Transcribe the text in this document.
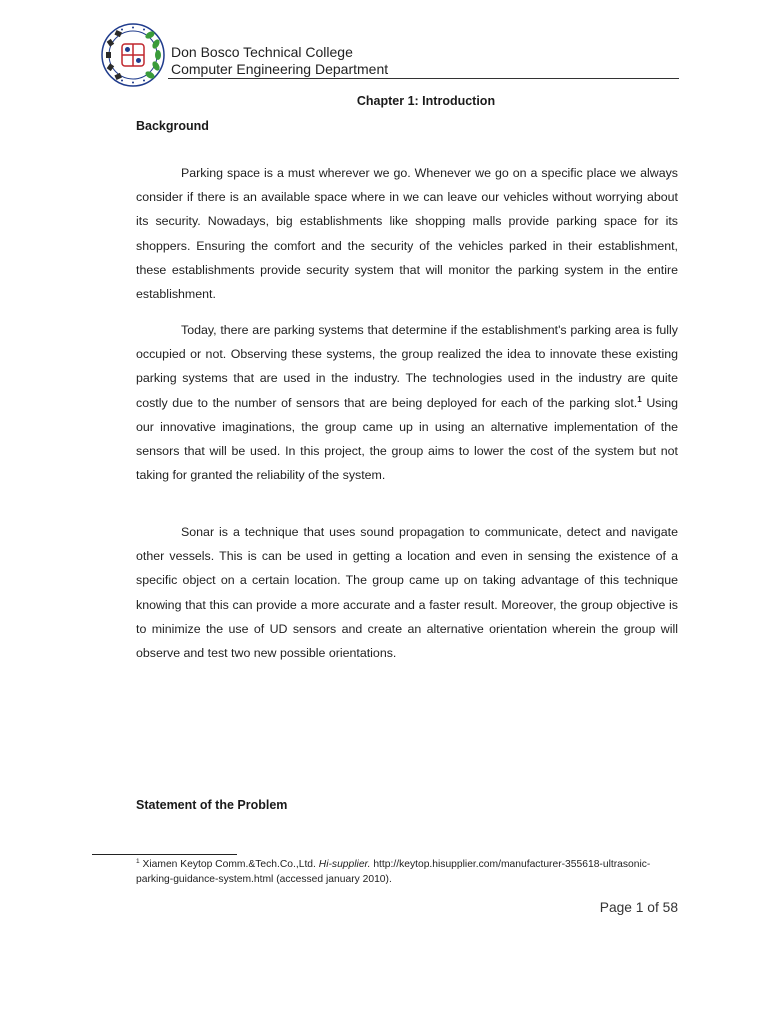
Don Bosco Technical College
Computer Engineering Department
Chapter 1: Introduction
Background

Parking space is a must wherever we go. Whenever we go on a specific place we always consider if there is an available space where in we can leave our vehicles without worrying about its security. Nowadays, big establishments like shopping malls provide parking space for its shoppers. Ensuring the comfort and the security of the vehicles parked in their establishment, these establishments provide security system that will monitor the parking system in the entire establishment.

Today, there are parking systems that determine if the establishment's parking area is fully occupied or not. Observing these systems, the group realized the idea to innovate these existing parking systems that are used in the industry. The technologies used in the industry are quite costly due to the number of sensors that are being deployed for each of the parking slot.$^1$ Using our innovative imaginations, the group came up in using an alternative implementation of the sensors that will be used. In this project, the group aims to lower the cost of the system but not taking for granted the reliability of the system.

Sonar is a technique that uses sound propagation to communicate, detect and navigate other vessels. This is can be used in getting a location and even in sensing the existence of a specific object on a certain location. The group came up on taking advantage of this technique knowing that this can provide a more accurate and a faster result. Moreover, the group objective is to minimize the use of UD sensors and create an alternative orientation wherein the group will observe and test two new possible orientations.

Statement of the Problem
$^1$ Xiamen Keytop Comm.&Tech.Co.,Ltd. Hi-supplier. http://keytop.hisupplier.com/manufacturer-355618-ultrasonic-parking-guidance-system.html (accessed january 2010).
Page 1 of 58
